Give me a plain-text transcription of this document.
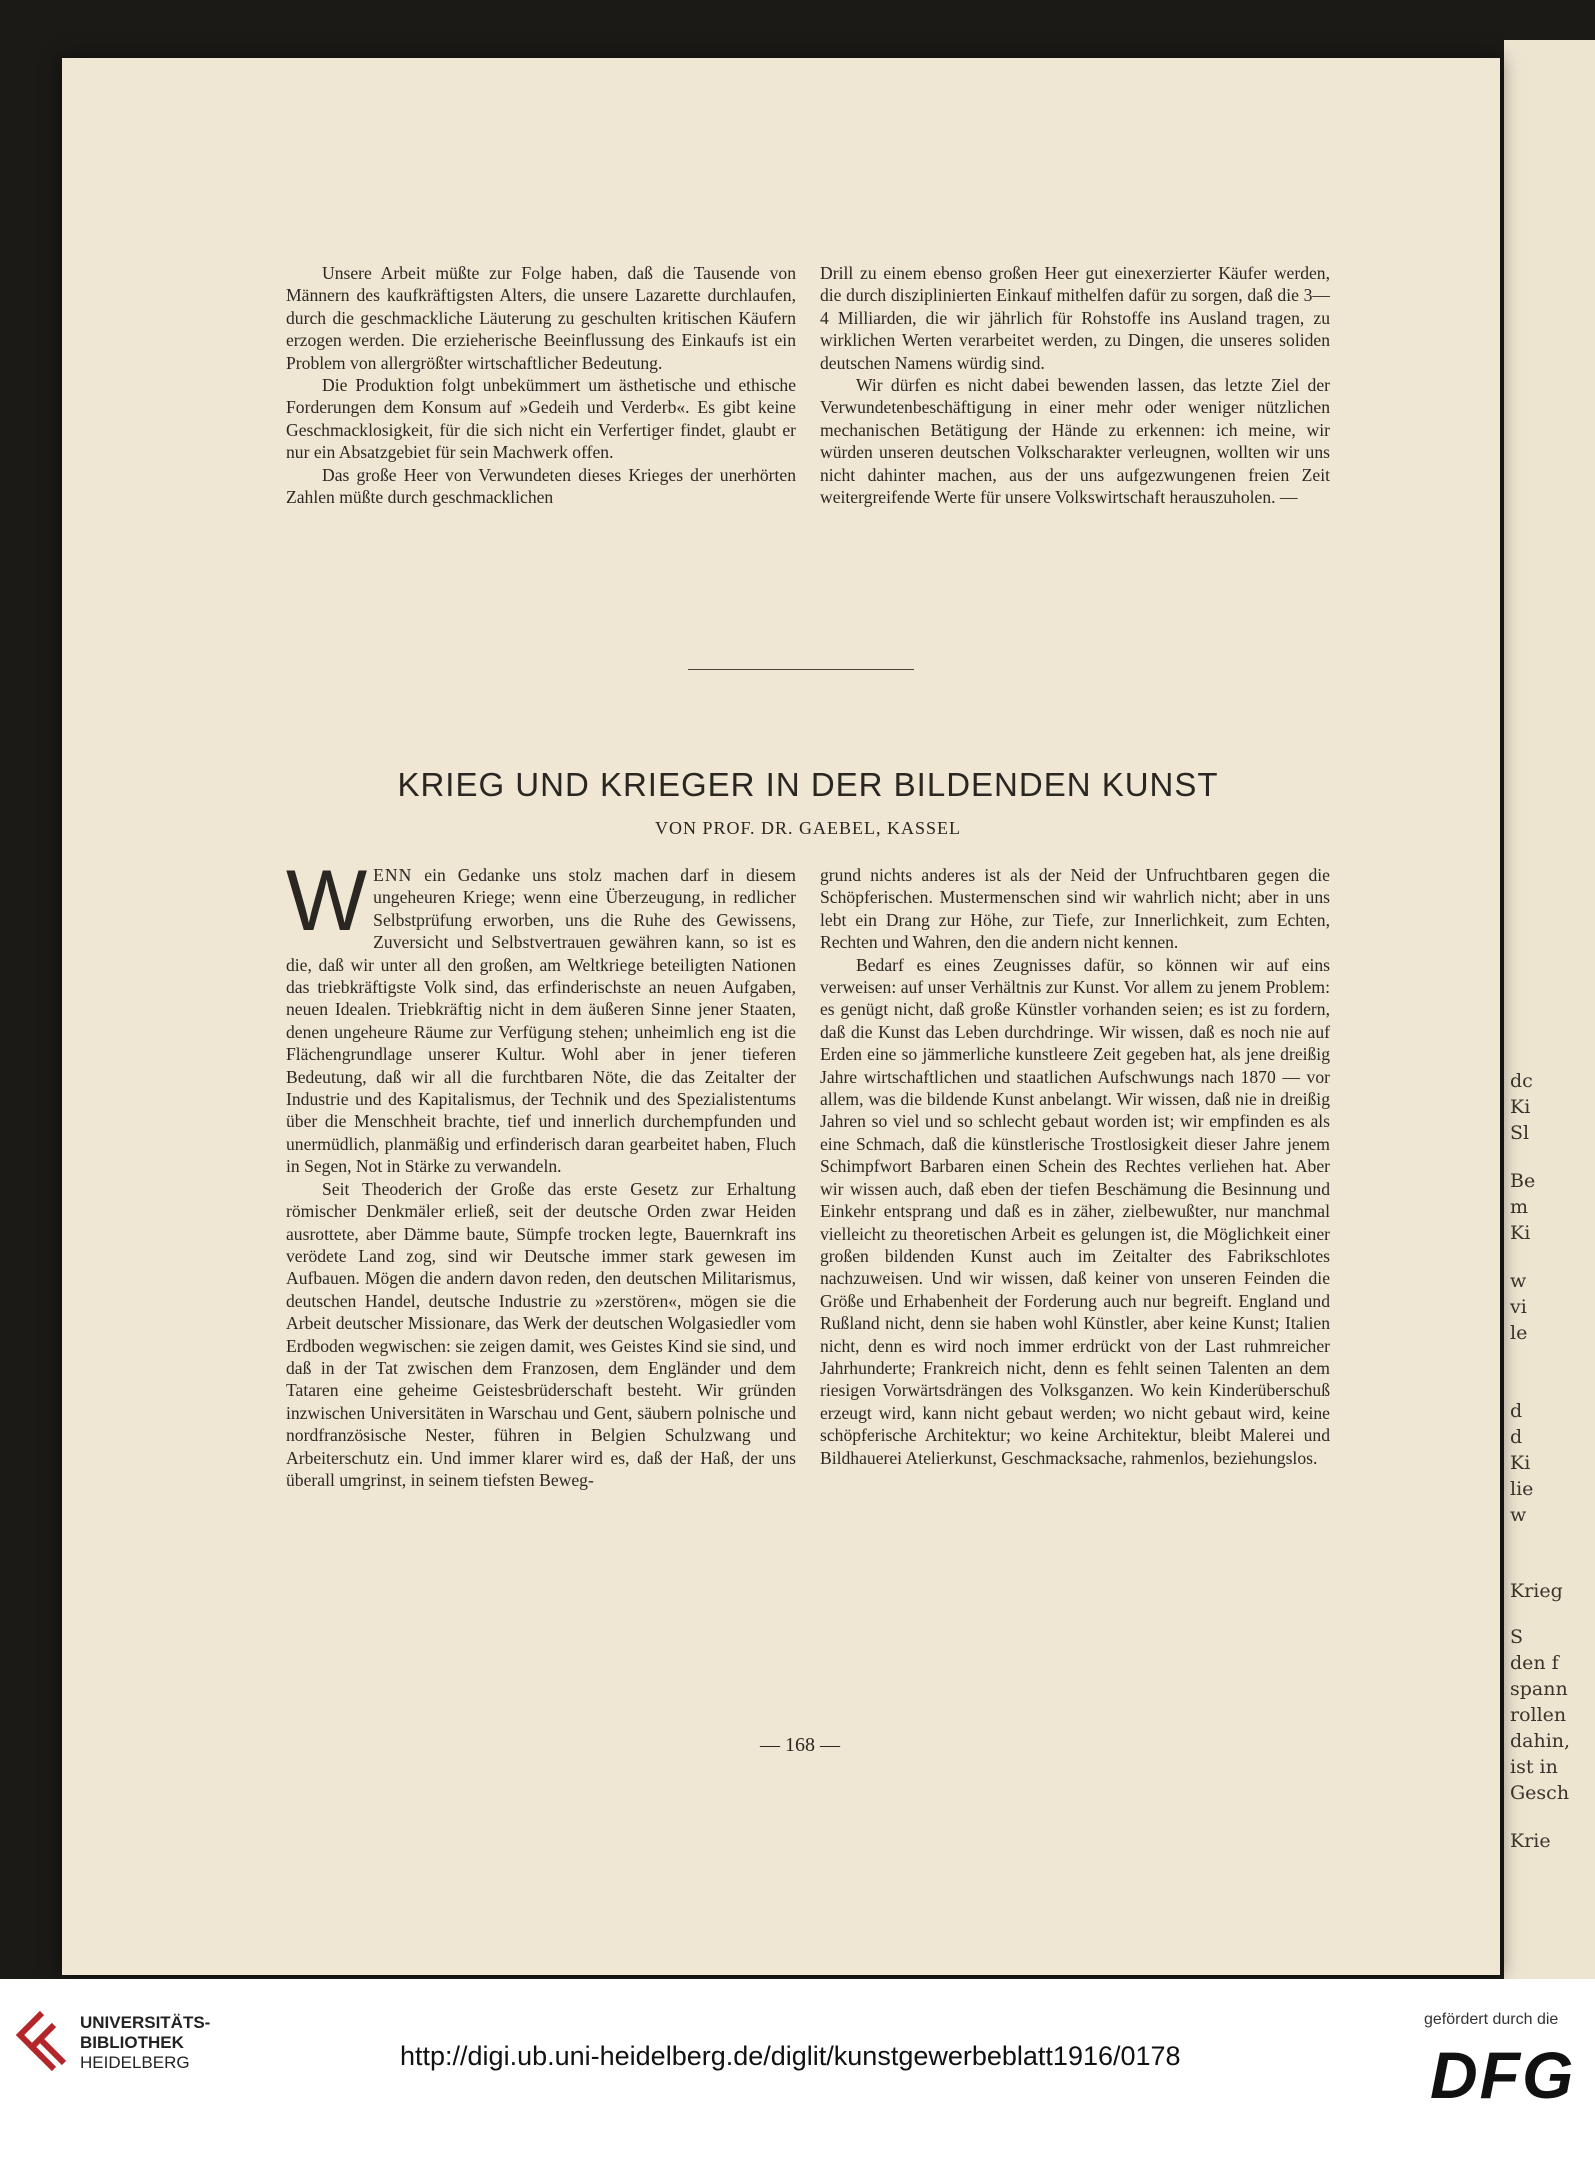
dc
Ki
Sl
Be
m
Ki
w
vi
le
d
d
Ki
lie
w
Krieg
S
den f
spann
rollen
dahin,
ist in
Gesch
Krie

Unsere Arbeit müßte zur Folge haben, daß die Tausende von Männern des kaufkräftigsten Alters, die unsere Lazarette durchlaufen, durch die geschmackliche Läuterung zu geschulten kritischen Käufern erzogen werden. Die erzieherische Beeinflussung des Einkaufs ist ein Problem von allergrößter wirtschaftlicher Bedeutung.

Die Produktion folgt unbekümmert um ästhetische und ethische Forderungen dem Konsum auf »Gedeih und Verderb«. Es gibt keine Geschmacklosigkeit, für die sich nicht ein Verfertiger findet, glaubt er nur ein Absatzgebiet für sein Machwerk offen.

Das große Heer von Verwundeten dieses Krieges der unerhörten Zahlen müßte durch geschmacklichen

Drill zu einem ebenso großen Heer gut einexerzierter Käufer werden, die durch disziplinierten Einkauf mithelfen dafür zu sorgen, daß die 3—4 Milliarden, die wir jährlich für Rohstoffe ins Ausland tragen, zu wirklichen Werten verarbeitet werden, zu Dingen, die unseres soliden deutschen Namens würdig sind.

Wir dürfen es nicht dabei bewenden lassen, das letzte Ziel der Verwundetenbeschäftigung in einer mehr oder weniger nützlichen mechanischen Betätigung der Hände zu erkennen: ich meine, wir würden unseren deutschen Volkscharakter verleugnen, wollten wir uns nicht dahinter machen, aus der uns aufgezwungenen freien Zeit weitergreifende Werte für unsere Volkswirtschaft herauszuholen. —

KRIEG UND KRIEGER IN DER BILDENDEN KUNST
VON PROF. DR. GAEBEL, KASSEL

WENN ein Gedanke uns stolz machen darf in diesem ungeheuren Kriege; wenn eine Überzeugung, in redlicher Selbstprüfung erworben, uns die Ruhe des Gewissens, Zuversicht und Selbstvertrauen gewähren kann, so ist es die, daß wir unter all den großen, am Weltkriege beteiligten Nationen das triebkräftigste Volk sind, das erfinderischste an neuen Aufgaben, neuen Idealen. Triebkräftig nicht in dem äußeren Sinne jener Staaten, denen ungeheure Räume zur Verfügung stehen; unheimlich eng ist die Flächengrundlage unserer Kultur. Wohl aber in jener tieferen Bedeutung, daß wir all die furchtbaren Nöte, die das Zeitalter der Industrie und des Kapitalismus, der Technik und des Spezialistentums über die Menschheit brachte, tief und innerlich durchempfunden und unermüdlich, planmäßig und erfinderisch daran gearbeitet haben, Fluch in Segen, Not in Stärke zu verwandeln.

Seit Theoderich der Große das erste Gesetz zur Erhaltung römischer Denkmäler erließ, seit der deutsche Orden zwar Heiden ausrottete, aber Dämme baute, Sümpfe trocken legte, Bauernkraft ins verödete Land zog, sind wir Deutsche immer stark gewesen im Aufbauen. Mögen die andern davon reden, den deutschen Militarismus, deutschen Handel, deutsche Industrie zu »zerstören«, mögen sie die Arbeit deutscher Missionare, das Werk der deutschen Wolgasiedler vom Erdboden wegwischen: sie zeigen damit, wes Geistes Kind sie sind, und daß in der Tat zwischen dem Franzosen, dem Engländer und dem Tataren eine geheime Geistesbrüderschaft besteht. Wir gründen inzwischen Universitäten in Warschau und Gent, säubern polnische und nordfranzösische Nester, führen in Belgien Schulzwang und Arbeiterschutz ein. Und immer klarer wird es, daß der Haß, der uns überall umgrinst, in seinem tiefsten Beweg-

grund nichts anderes ist als der Neid der Unfruchtbaren gegen die Schöpferischen. Mustermenschen sind wir wahrlich nicht; aber in uns lebt ein Drang zur Höhe, zur Tiefe, zur Innerlichkeit, zum Echten, Rechten und Wahren, den die andern nicht kennen.

Bedarf es eines Zeugnisses dafür, so können wir auf eins verweisen: auf unser Verhältnis zur Kunst. Vor allem zu jenem Problem: es genügt nicht, daß große Künstler vorhanden seien; es ist zu fordern, daß die Kunst das Leben durchdringe. Wir wissen, daß es noch nie auf Erden eine so jämmerliche kunstleere Zeit gegeben hat, als jene dreißig Jahre wirtschaftlichen und staatlichen Aufschwungs nach 1870 — vor allem, was die bildende Kunst anbelangt. Wir wissen, daß nie in dreißig Jahren so viel und so schlecht gebaut worden ist; wir empfinden es als eine Schmach, daß die künstlerische Trostlosigkeit dieser Jahre jenem Schimpfwort Barbaren einen Schein des Rechtes verliehen hat. Aber wir wissen auch, daß eben der tiefen Beschämung die Besinnung und Einkehr entsprang und daß es in zäher, zielbewußter, nur manchmal vielleicht zu theoretischen Arbeit es gelungen ist, die Möglichkeit einer großen bildenden Kunst auch im Zeitalter des Fabrikschlotes nachzuweisen. Und wir wissen, daß keiner von unseren Feinden die Größe und Erhabenheit der Forderung auch nur begreift. England und Rußland nicht, denn sie haben wohl Künstler, aber keine Kunst; Italien nicht, denn es wird noch immer erdrückt von der Last ruhmreicher Jahrhunderte; Frankreich nicht, denn es fehlt seinen Talenten an dem riesigen Vorwärtsdrängen des Volksganzen. Wo kein Kinderüberschuß erzeugt wird, kann nicht gebaut werden; wo nicht gebaut wird, keine schöpferische Architektur; wo keine Architektur, bleibt Malerei und Bildhauerei Atelierkunst, Geschmacksache, rahmenlos, beziehungslos.

— 168 —
UNIVERSITÄTS-
BIBLIOTHEK
HEIDELBERG	http://digi.ub.uni-heidelberg.de/diglit/kunstgewerbeblatt1916/0178
gefördert durch die
DFG
